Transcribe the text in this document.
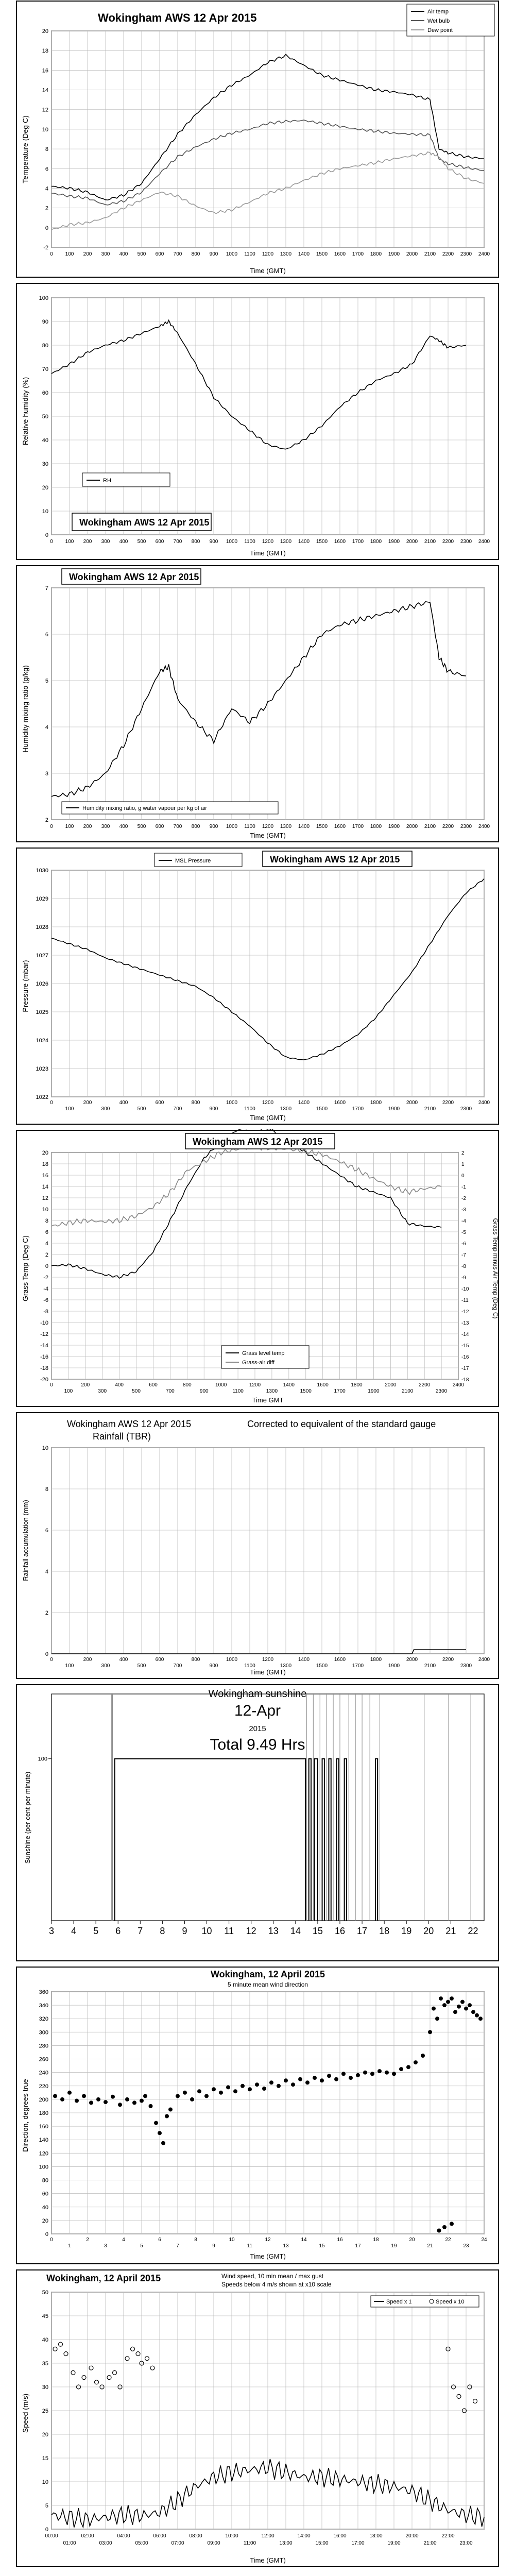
-2
0
2
4
6
8
10
12
14
16
18
20
0 100 200 300 400 500 600 700 800 900 1000 1100 1200 1300 1400 1500 1600 1700 1800 1900 2000 2100 2200 2300 2400
Air temp
Wet bulb
Dew point
Wokingham AWS 12 Apr 2015
Temperature (Deg C)
Time (GMT)
0
10
20
30
40
50
60
70
80
90
100
0 100 200 300 400 500 600 700 800 900 1000 1100 1200 1300 1400 1500 1600 1700 1800 1900 2000 2100 2200 2300 2400
RH
Wokingham AWS 12 Apr 2015
Relative humidity (%)
Time (GMT)
2
3
4
5
6
7
0 100 200 300 400 500 600 700 800 900 1000 1100 1200 1300 1400 1500 1600 1700 1800 1900 2000 2100 2200 2300 2400
Humidity mixing ratio, g water vapour per kg of air
Wokingham AWS 12 Apr 2015
Humidity mixing ratio (g/kg)
Time (GMT)
1022
1023
1024
1025
1026
1027
1028
1029
1030
0
100
200
300
400
500
600
700
800
900
1000
1100
1200
1300
1400
1500
1600
1700
1800
1900
2000
2100
2200
2300
2400
MSL Pressure	Wokingham AWS 12 Apr 2015
Pressure (mbar)
Time (GMT)
-20
-18
-16
-14
-12
-10
-8
-6
-4
-2
0
2
4
6
8
10
12
14
16
18
20
-18
-17
-16
-15
-14
-13
-12
-11
-10
-9
-8
-7
-6
-5
-4
-3
-2
-1
0
1
2
0
100
200
300
400
500
600
700
800
900
1000
1100
1200
1300
1400
1500
1600
1700
1800
1900
2000
2100
2200
2300
2400
Grass level temp
Grass-air diff
Wokingham AWS 12 Apr 2015
Grass Temp (Deg C)	Grass Temp minus Air Temp (Deg C)
Time GMT
0
2
4
6
8
10
0
100
200
300
400
500
600
700
800
900
1000
1100
1200
1300
1400
1500
1600
1700
1800
1900
2000
2100
2200
2300
2400
Wokingham AWS 12 Apr 2015
Rainfall (TBR)
Corrected to equivalent of the standard gauge
Rainfall accumulation (mm)
Time (GMT)
3 4 5 6 7 8 9 10 11 12 13 14 15 16 17 18 19 20 21 22
100
Wokingham sunshine
12-Apr
2015
Total 9.49 Hrs
Sunshine (per cent per minute)
0
20
40
60
80
100
120
140
160
180
200
220
240
260
280
300
320
340
360
0
1
2
3
4
5
6
7
8
9
10
11
12
13
14
15
16
17
18
19
20
21
22
23
24
Wokingham, 12 April 2015
5 minute mean wind direction
Direction, degrees true
Time (GMT)
0
5
10
15
20
25
30
35
40
45
50
00:00	02:00	04:00	06:00	08:00	10:00	12:00	14:00	16:00	18:00	20:00	22:00
01:00	03:00	05:00	07:00	09:00	11:00	13:00	15:00	17:00	19:00	21:00	23:00
Speed x 1	Speed x 10
Wokingham, 12 April 2015	Wind speed, 10 min mean / max gust
Speeds below 4 m/s shown at x10 scale
Speed (m/s)
Time (GMT)
